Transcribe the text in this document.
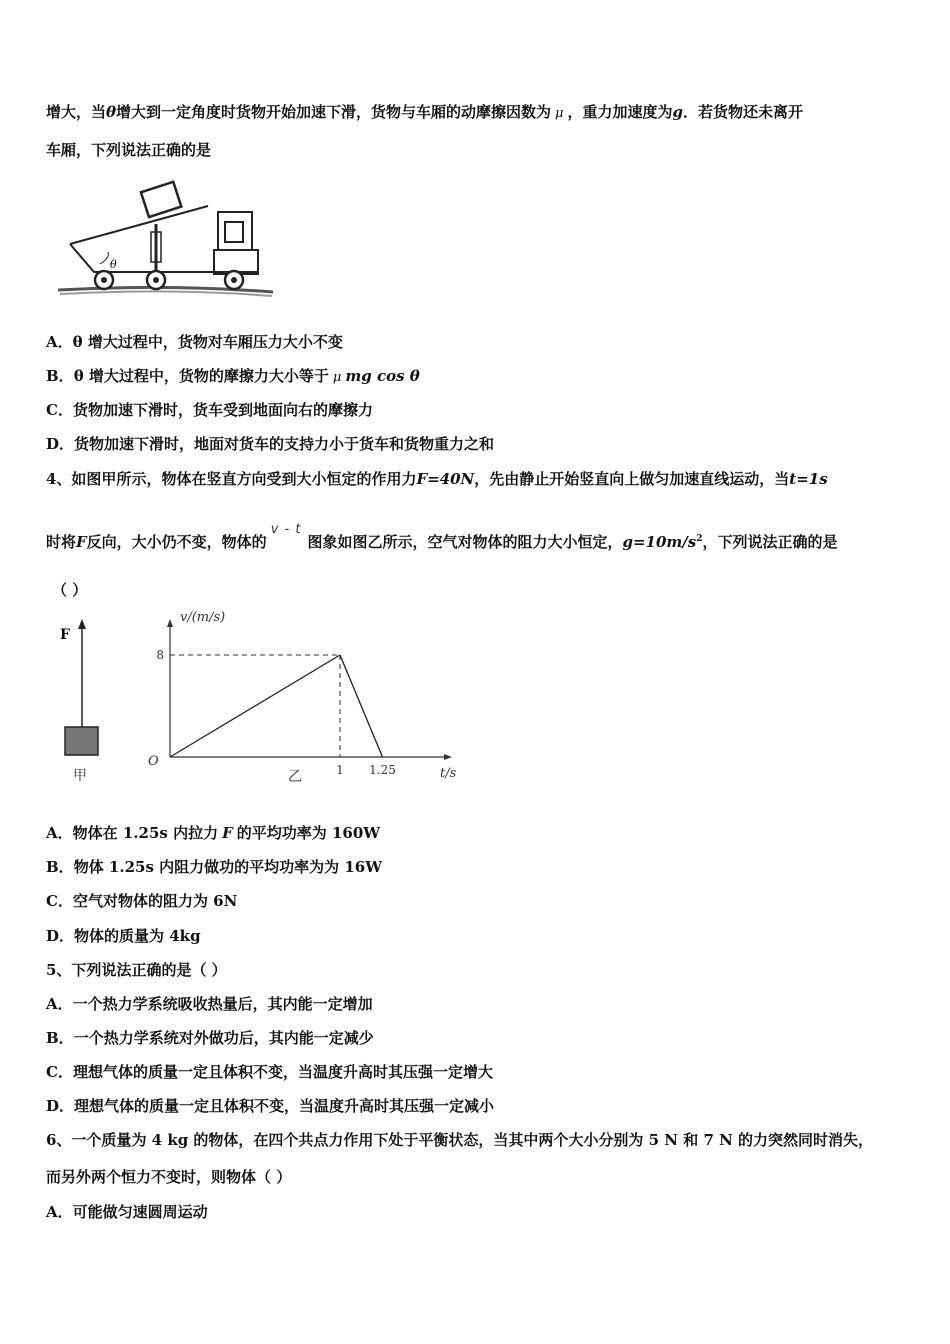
增大，当θ增大到一定角度时货物开始加速下滑，货物与车厢的动摩擦因数为 μ ，重力加速度为g．若货物还未离开
车厢，下列说法正确的是
θ
A．θ 增大过程中，货物对车厢压力大小不变
B．θ 增大过程中，货物的摩擦力大小等于 μ mg cos θ
C．货物加速下滑时，货车受到地面向右的摩擦力
D．货物加速下滑时，地面对货车的支持力小于货车和货物重力之和
4、如图甲所示，物体在竖直方向受到大小恒定的作用力F=40N，先由静止开始竖直向上做匀加速直线运动，当t=1s
时将F反向，大小仍不变，物体的v - t图象如图乙所示，空气对物体的阻力大小恒定，$g=10m/s^2$，下列说法正确的是
（ ）
F
甲
v/(m/s)
t/s
O
8
1 1.25
乙
A．物体在 1.25s 内拉力 F 的平均功率为 160W
B．物体 1.25s 内阻力做功的平均功率为为 16W
C．空气对物体的阻力为 6N
D．物体的质量为 4kg
5、下列说法正确的是（ ）
A．一个热力学系统吸收热量后，其内能一定增加
B．一个热力学系统对外做功后，其内能一定减少
C．理想气体的质量一定且体积不变，当温度升高时其压强一定增大
D．理想气体的质量一定且体积不变，当温度升高时其压强一定减小
6、一个质量为 4 kg 的物体，在四个共点力作用下处于平衡状态，当其中两个大小分别为 5 N 和 7 N 的力突然同时消失，
而另外两个恒力不变时，则物体（ ）
A．可能做匀速圆周运动
